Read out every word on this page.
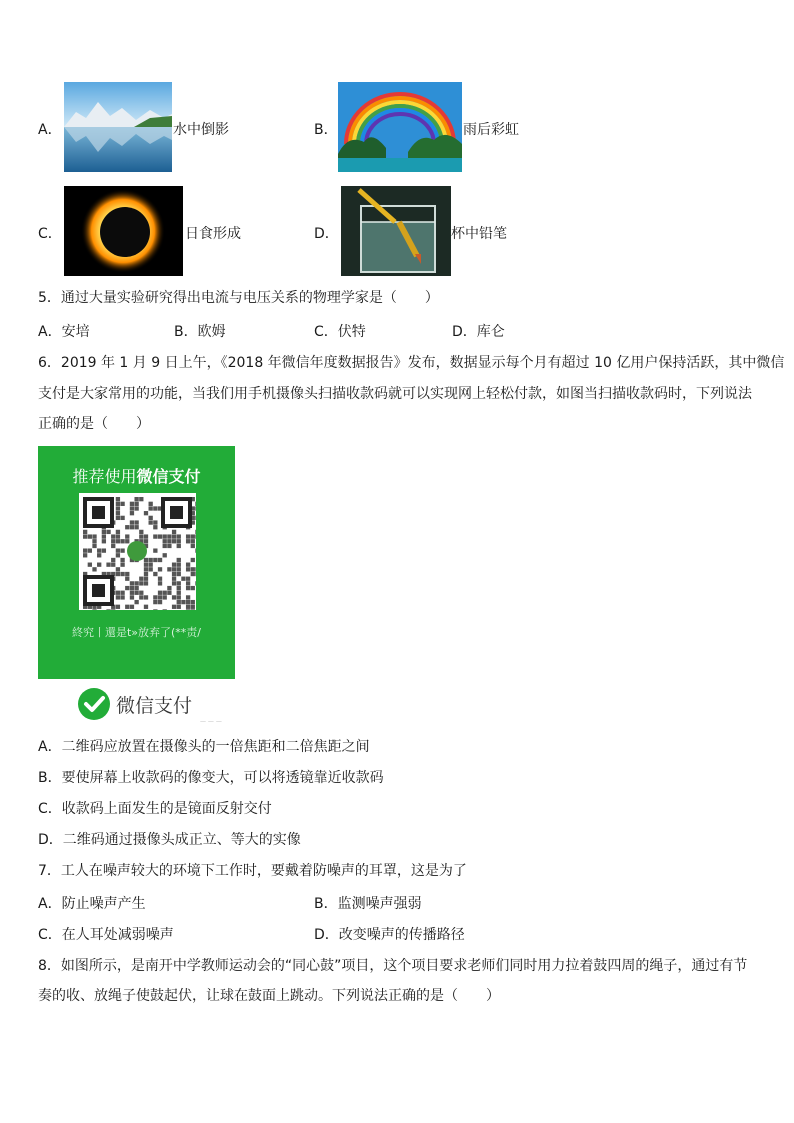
A．	水中倒影	B．	雨后彩虹
C．	日食形成	D．	杯中铅笔
5．通过大量实验研究得出电流与电压关系的物理学家是（　　）
A．安培	B．欧姆	C．伏特	D．库仑
6．2019 年 1 月 9 日上午，《2018 年微信年度数据报告》发布，数据显示每个月有超过 10 亿用户保持活跃，其中微信
支付是大家常用的功能，当我们用手机摄像头扫描收款码就可以实现网上轻松付款，如图当扫描收款码时，下列说法
正确的是（　　）
推荐使用微信支付
終究丨還是t»放弃了(**责/
微信支付
— — —
A．二维码应放置在摄像头的一倍焦距和二倍焦距之间
B．要使屏幕上收款码的像变大，可以将透镜靠近收款码
C．收款码上面发生的是镜面反射交付
D．二维码通过摄像头成正立、等大的实像
7．工人在噪声较大的环境下工作时，要戴着防噪声的耳罩，这是为了
A．防止噪声产生	B．监测噪声强弱
C．在人耳处减弱噪声	D．改变噪声的传播路径
8．如图所示，是南开中学教师运动会的“同心鼓”项目，这个项目要求老师们同时用力拉着鼓四周的绳子，通过有节
奏的收、放绳子使鼓起伏，让球在鼓面上跳动。下列说法正确的是（　　）
